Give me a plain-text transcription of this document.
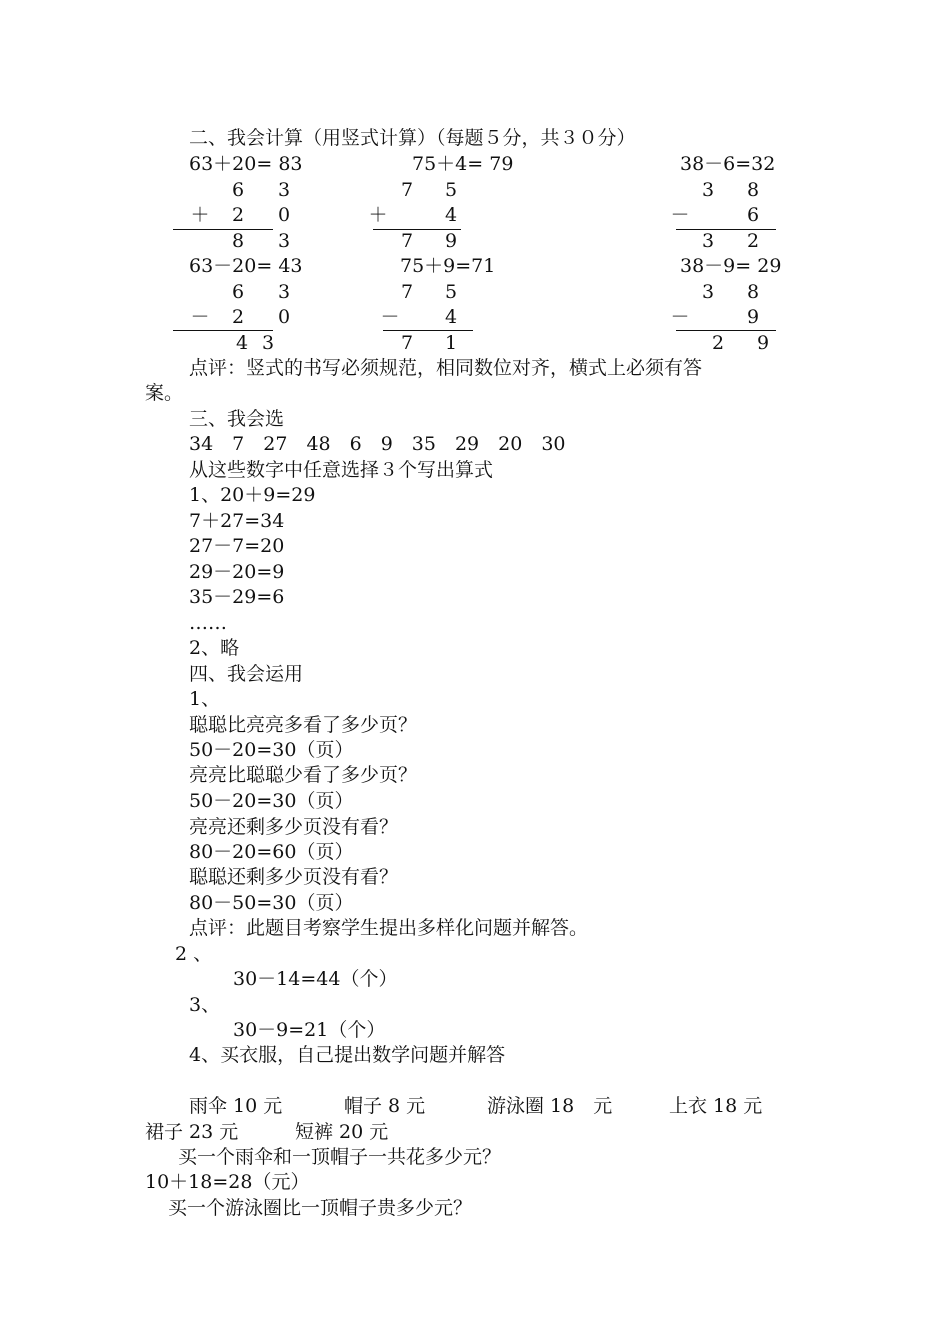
二、我会计算（用竖式计算）（每题５分，共３０分）
63＋20= 83	75＋4= 79	38－6=32
6 3
＋ 2 0
8 3
7 5
＋	4
7 9
3 8
－	6
3 2
63－20= 43	75＋9=71	38－9= 29
6 3
－ 2 0
4 3
7 5
－ 4
7 1
3 8
－	9
2 9
点评：竖式的书写必须规范，相同数位对齐，横式上必须有答
案。
三、我会选
34　7　27　48　6　9　35　29　20　30
从这些数字中任意选择３个写出算式
1、20＋9=29
7＋27=34
27－7=20
29－20=9
35－29=6
……
2、略
四、我会运用
1、
聪聪比亮亮多看了多少页？
50－20=30（页）
亮亮比聪聪少看了多少页？
50－20=30（页）
亮亮还剩多少页没有看？
80－20=60（页）
聪聪还剩多少页没有看？
80－50=30（页）
点评：此题目考察学生提出多样化问题并解答。
2 、
30－14=44（个）
3、
30－9=21（个）
4、买衣服，自己提出数学问题并解答
雨伞 10 元	帽子 8 元	游泳圈 18　元	上衣 18 元
裙子 23 元	短裤 20 元
买一个雨伞和一顶帽子一共花多少元？
10＋18=28（元）
买一个游泳圈比一顶帽子贵多少元？
